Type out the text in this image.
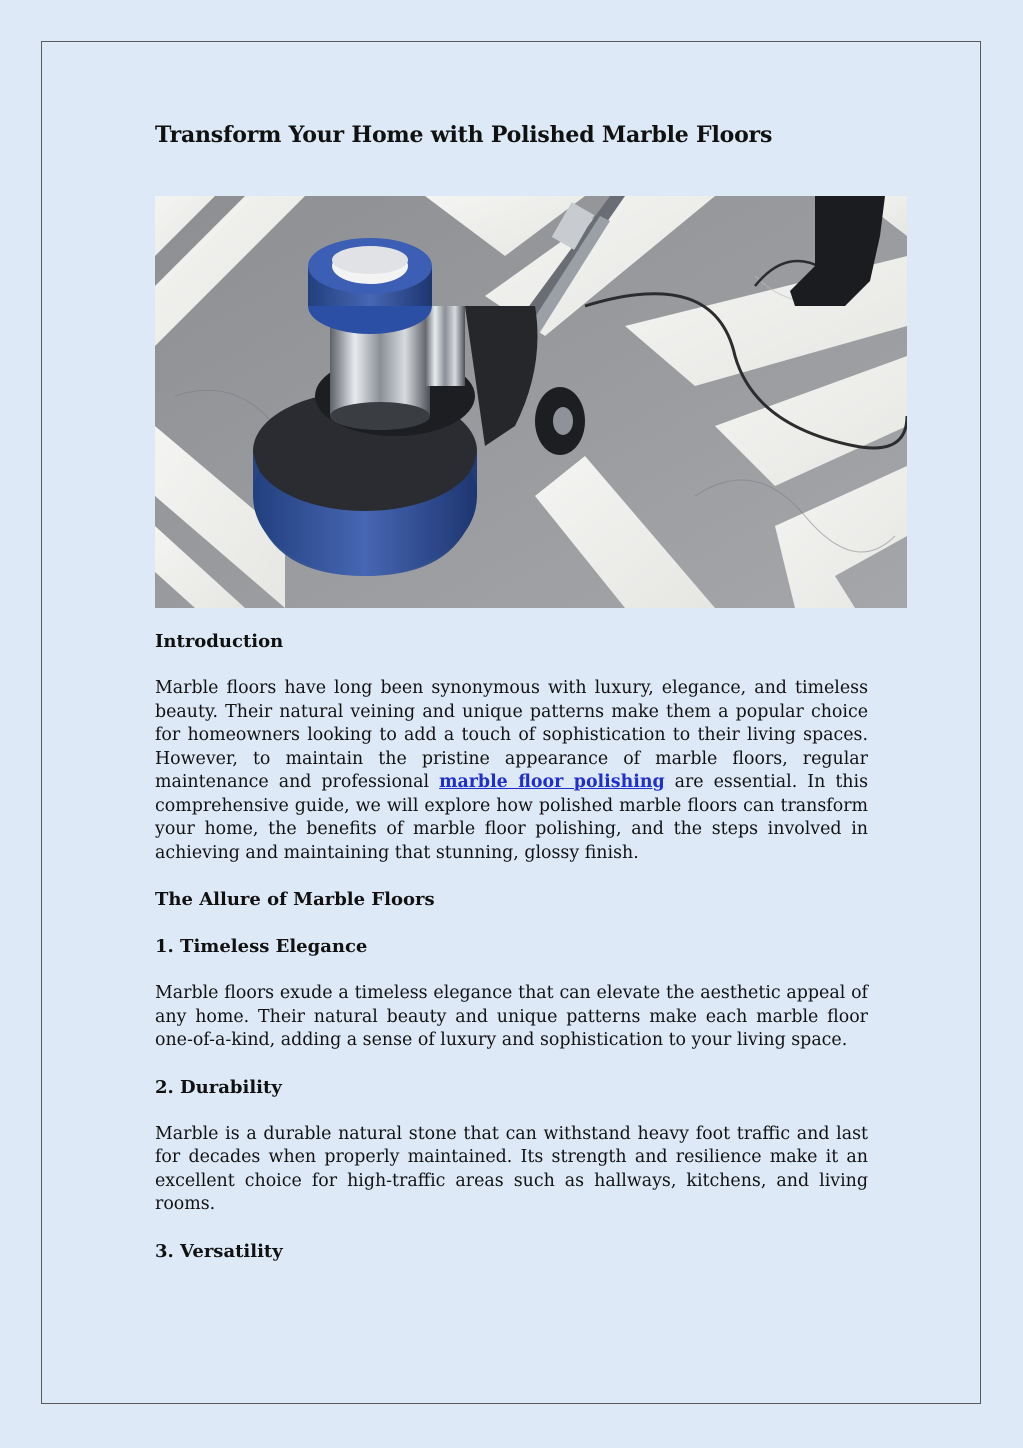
Transform Your Home with Polished Marble Floors
Introduction

Marble floors have long been synonymous with luxury, elegance, and timeless beauty. Their natural veining and unique patterns make them a popular choice for homeowners looking to add a touch of sophistication to their living spaces. However, to maintain the pristine appearance of marble floors, regular maintenance and professional marble floor polishing are essential. In this comprehensive guide, we will explore how polished marble floors can transform your home, the benefits of marble floor polishing, and the steps involved in achieving and maintaining that stunning, glossy finish.

The Allure of Marble Floors
1. Timeless Elegance

Marble floors exude a timeless elegance that can elevate the aesthetic appeal of any home. Their natural beauty and unique patterns make each marble floor one-of-a-kind, adding a sense of luxury and sophistication to your living space.

2. Durability

Marble is a durable natural stone that can withstand heavy foot traffic and last for decades when properly maintained. Its strength and resilience make it an excellent choice for high-traffic areas such as hallways, kitchens, and living rooms.

3. Versatility
